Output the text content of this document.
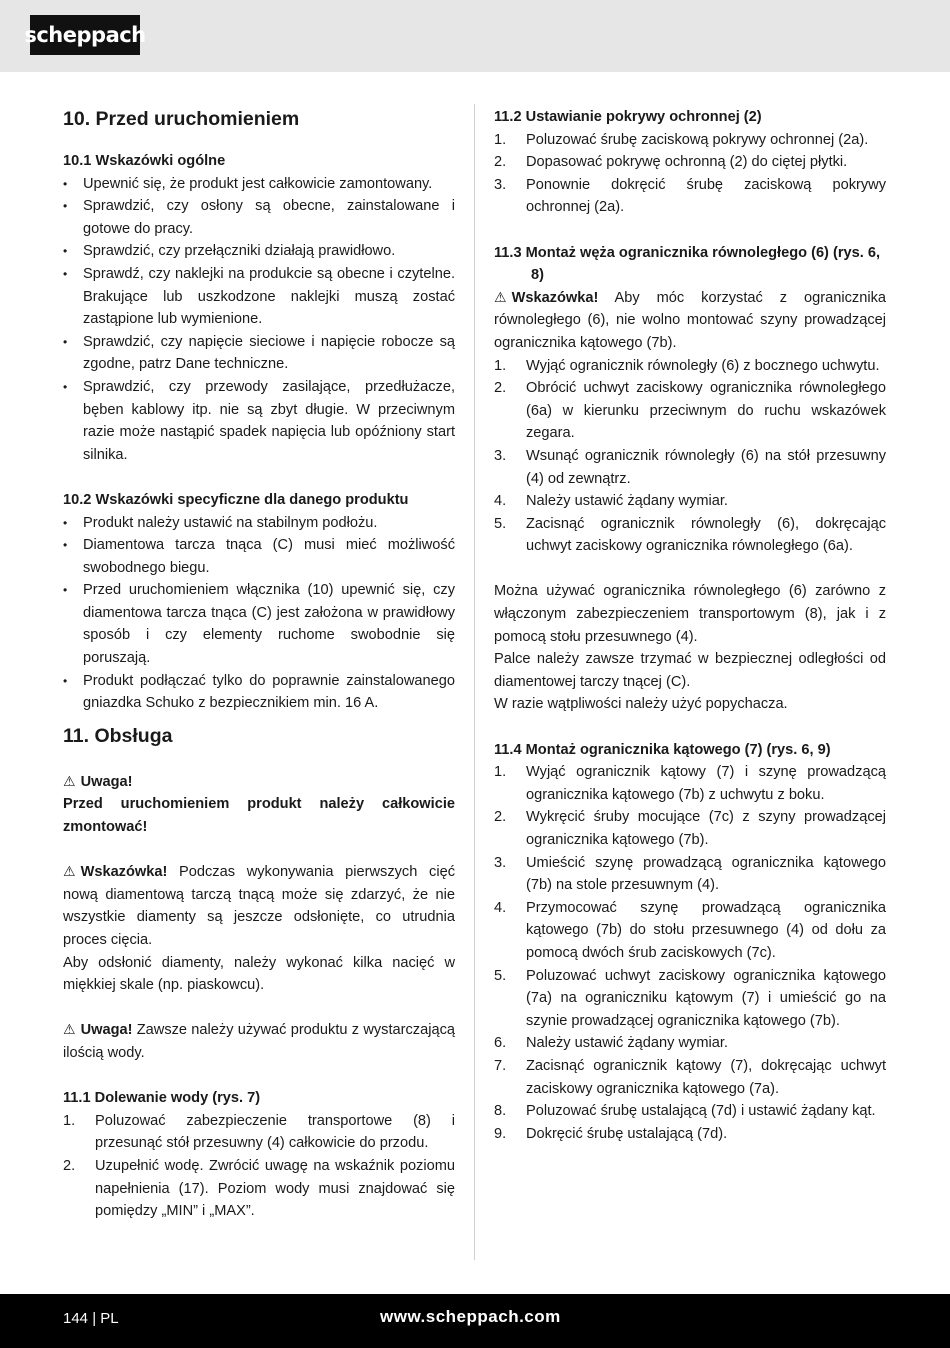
scheppach
10. Przed uruchomieniem
10.1 Wskazówki ogólne
• Upewnić się, że produkt jest całkowicie zamontowany.
• Sprawdzić, czy osłony są obecne, zainstalowane i gotowe do pracy.
• Sprawdzić, czy przełączniki działają prawidłowo.
• Sprawdź, czy naklejki na produkcie są obecne i czytelne. Brakujące lub uszkodzone naklejki muszą zostać zastąpione lub wymienione.
• Sprawdzić, czy napięcie sieciowe i napięcie robocze są zgodne, patrz Dane techniczne.
• Sprawdzić, czy przewody zasilające, przedłużacze, bęben kablowy itp. nie są zbyt długie. W przeciwnym razie może nastąpić spadek napięcia lub opóźniony start silnika.
10.2 Wskazówki specyficzne dla danego produktu
• Produkt należy ustawić na stabilnym podłożu.
• Diamentowa tarcza tnąca (C) musi mieć możliwość swobodnego biegu.
• Przed uruchomieniem włącznika (10) upewnić się, czy diamentowa tarcza tnąca (C) jest założona w prawidłowy sposób i czy elementy ruchome swobodnie się poruszają.
• Produkt podłączać tylko do poprawnie zainstalowanego gniazdka Schuko z bezpiecznikiem min. 16 A.
11. Obsługa
⚠ Uwaga!
Przed uruchomieniem produkt należy całkowicie zmontować!
⚠ Wskazówka! Podczas wykonywania pierwszych cięć nową diamentową tarczą tnącą może się zdarzyć, że nie wszystkie diamenty są jeszcze odsłonięte, co utrudnia proces cięcia.
Aby odsłonić diamenty, należy wykonać kilka nacięć w miękkiej skale (np. piaskowcu).
⚠ Uwaga! Zawsze należy używać produktu z wystarczającą ilością wody.
11.1 Dolewanie wody (rys. 7)
1. Poluzować zabezpieczenie transportowe (8) i przesunąć stół przesuwny (4) całkowicie do przodu.
2. Uzupełnić wodę. Zwrócić uwagę na wskaźnik poziomu napełnienia (17). Poziom wody musi znajdować się pomiędzy „MIN” i „MAX”.
11.2 Ustawianie pokrywy ochronnej (2)
1. Poluzować śrubę zaciskową pokrywy ochronnej (2a).
2. Dopasować pokrywę ochronną (2) do ciętej płytki.
3. Ponownie dokręcić śrubę zaciskową pokrywy ochronnej (2a).
11.3 Montaż węża ogranicznika równoległego (6) (rys. 6, 8)
⚠ Wskazówka! Aby móc korzystać z ogranicznika równoległego (6), nie wolno montować szyny prowadzącej ogranicznika kątowego (7b).
1. Wyjąć ogranicznik równoległy (6) z bocznego uchwytu.
2. Obrócić uchwyt zaciskowy ogranicznika równoległego (6a) w kierunku przeciwnym do ruchu wskazówek zegara.
3. Wsunąć ogranicznik równoległy (6) na stół przesuwny (4) od zewnątrz.
4. Należy ustawić żądany wymiar.
5. Zacisnąć ogranicznik równoległy (6), dokręcając uchwyt zaciskowy ogranicznika równoległego (6a).
Można używać ogranicznika równoległego (6) zarówno z włączonym zabezpieczeniem transportowym (8), jak i z pomocą stołu przesuwnego (4).
Palce należy zawsze trzymać w bezpiecznej odległości od diamentowej tarczy tnącej (C).
W razie wątpliwości należy użyć popychacza.
11.4 Montaż ogranicznika kątowego (7) (rys. 6, 9)
1. Wyjąć ogranicznik kątowy (7) i szynę prowadzącą ogranicznika kątowego (7b) z uchwytu z boku.
2. Wykręcić śruby mocujące (7c) z szyny prowadzącej ogranicznika kątowego (7b).
3. Umieścić szynę prowadzącą ogranicznika kątowego (7b) na stole przesuwnym (4).
4. Przymocować szynę prowadzącą ogranicznika kątowego (7b) do stołu przesuwnego (4) od dołu za pomocą dwóch śrub zaciskowych (7c).
5. Poluzować uchwyt zaciskowy ogranicznika kątowego (7a) na ograniczniku kątowym (7) i umieścić go na szynie prowadzącej ogranicznika kątowego (7b).
6. Należy ustawić żądany wymiar.
7. Zacisnąć ogranicznik kątowy (7), dokręcając uchwyt zaciskowy ogranicznika kątowego (7a).
8. Poluzować śrubę ustalającą (7d) i ustawić żądany kąt.
9. Dokręcić śrubę ustalającą (7d).
144 | PL	www.scheppach.com
